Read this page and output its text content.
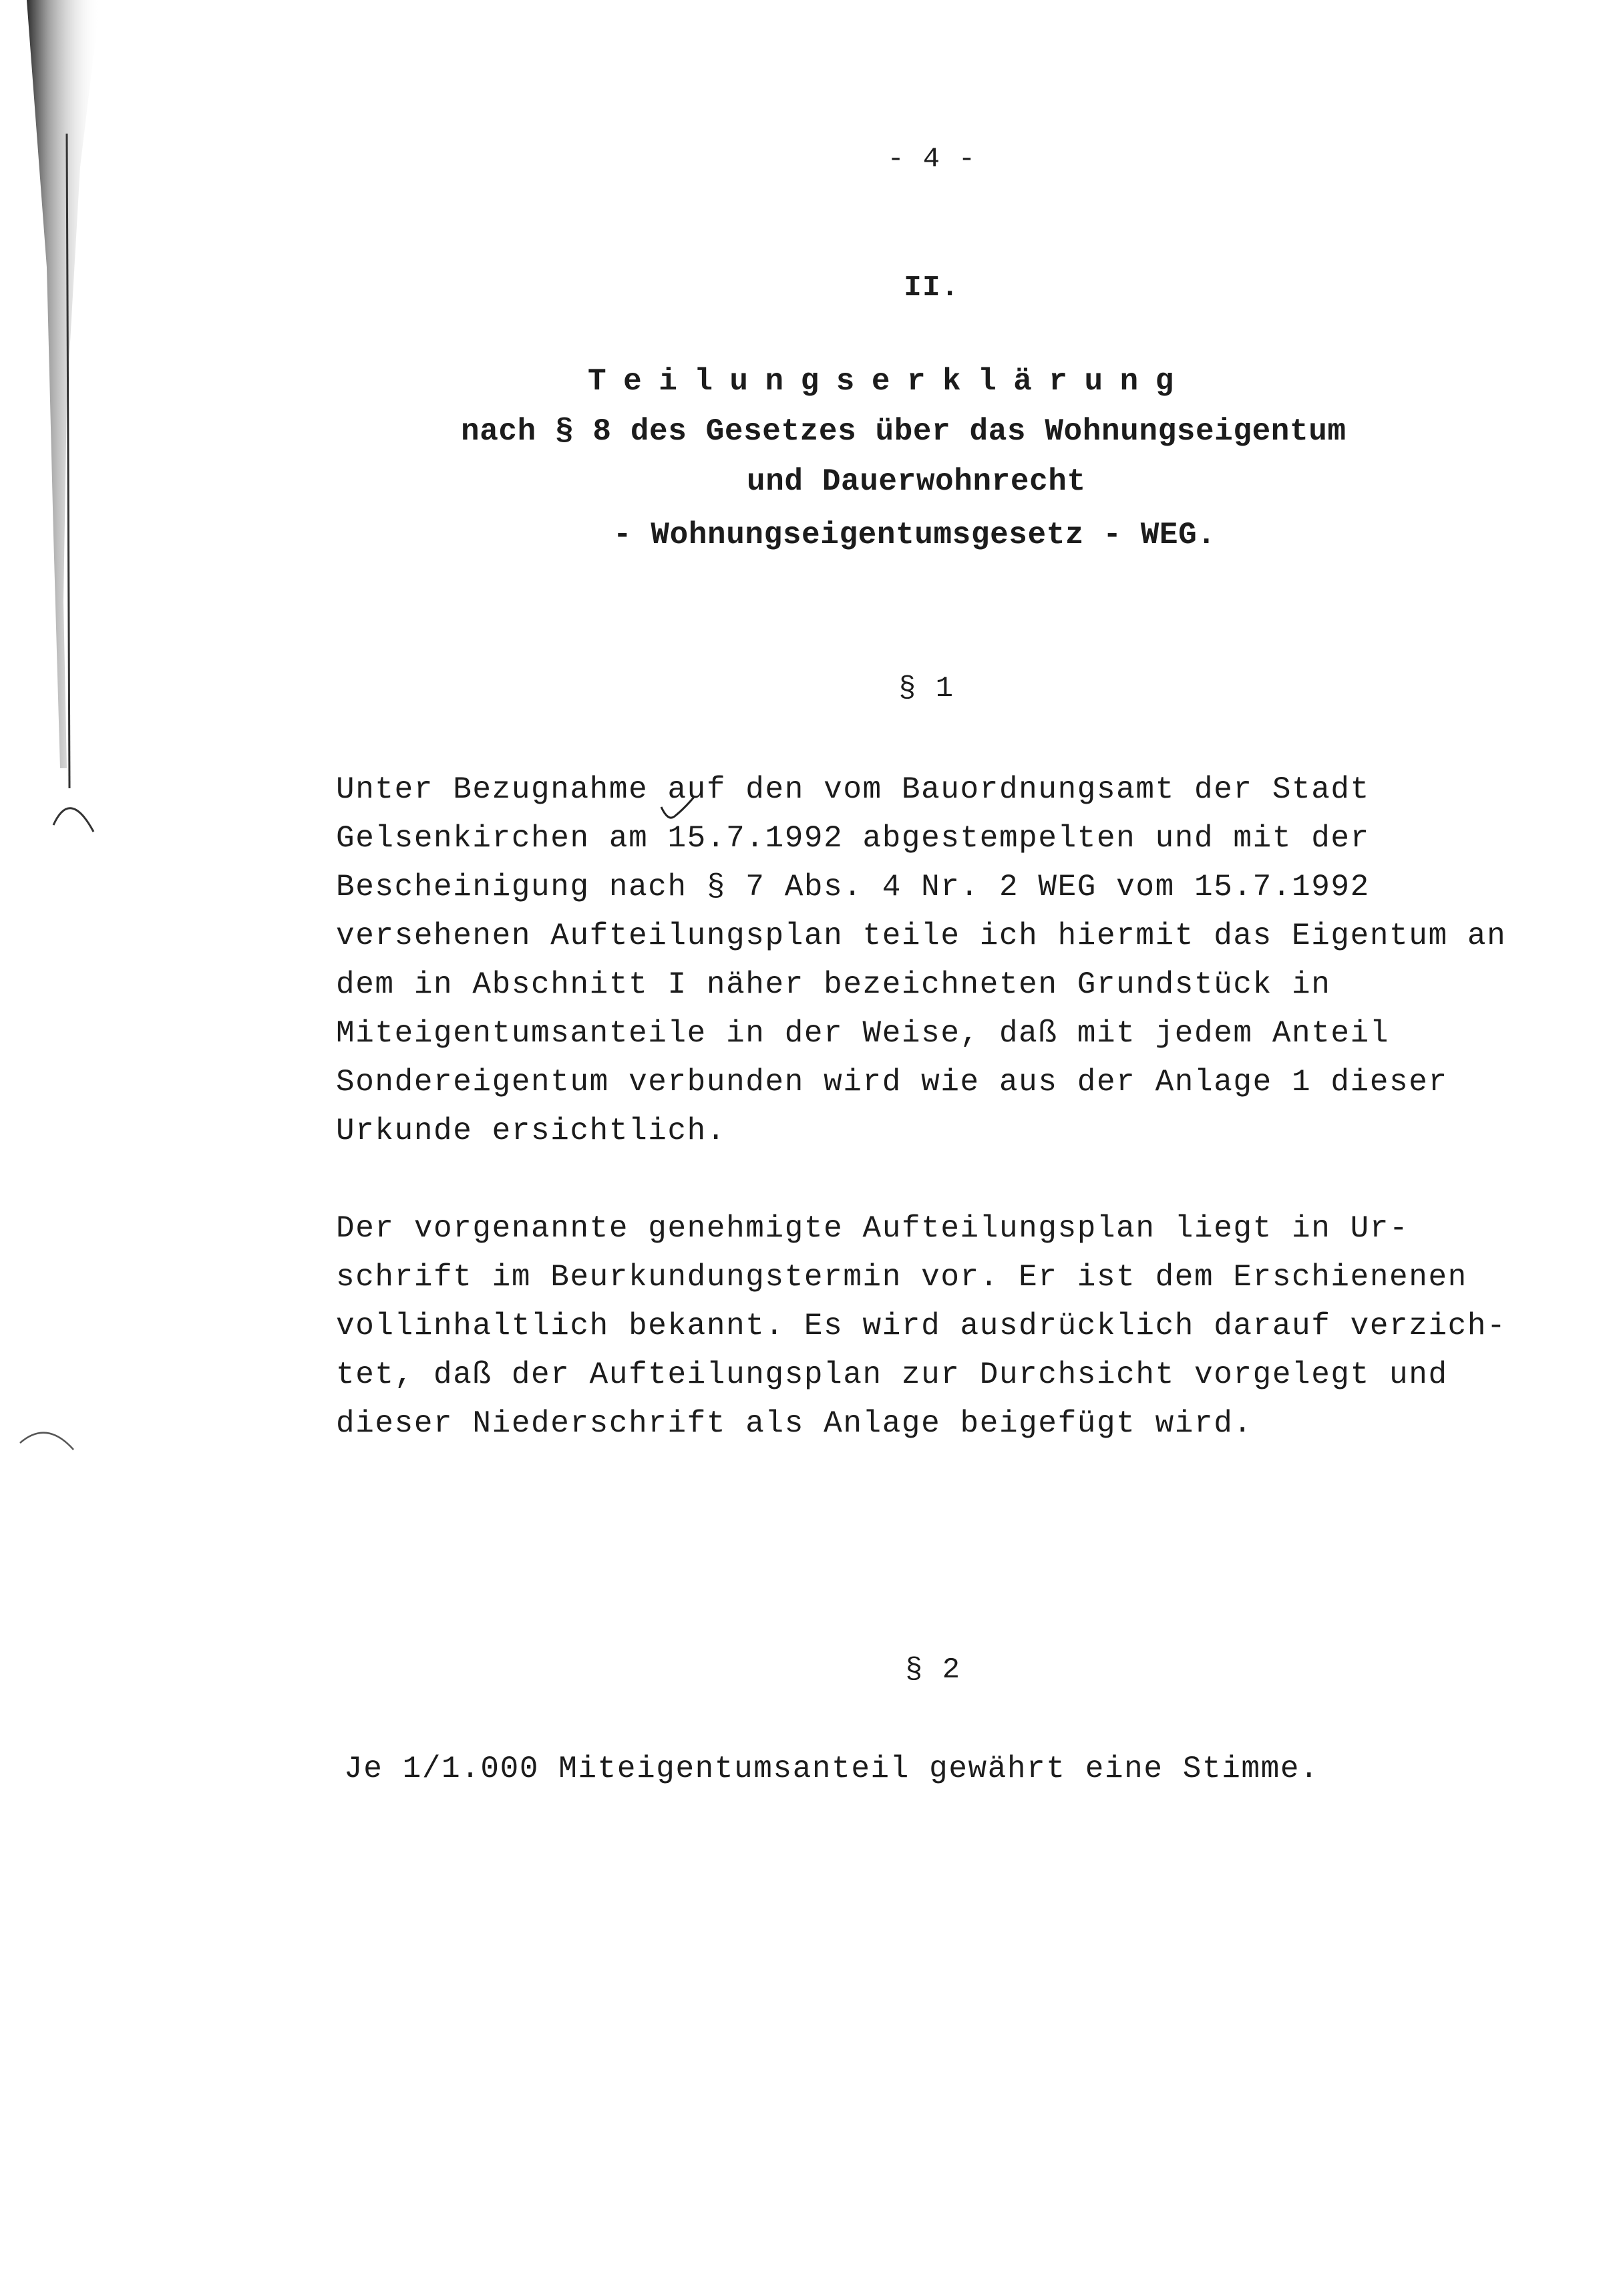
- 4 -
II.
Teilungserklärung
nach § 8 des Gesetzes über das Wohnungseigentum
und Dauerwohnrecht
- Wohnungseigentumsgesetz - WEG.
§ 1
Unter Bezugnahme auf den vom Bauordnungsamt der Stadt
Gelsenkirchen am 15.7.1992 abgestempelten und mit der
Bescheinigung nach § 7 Abs. 4 Nr. 2 WEG vom 15.7.1992
versehenen Aufteilungsplan teile ich hiermit das Eigentum an
dem in Abschnitt I näher bezeichneten Grundstück in
Miteigentumsanteile in der Weise, daß mit jedem Anteil
Sondereigentum verbunden wird wie aus der Anlage 1 dieser
Urkunde ersichtlich.
Der vorgenannte genehmigte Aufteilungsplan liegt in Ur-
schrift im Beurkundungstermin vor. Er ist dem Erschienenen
vollinhaltlich bekannt. Es wird ausdrücklich darauf verzich-
tet, daß der Aufteilungsplan zur Durchsicht vorgelegt und
dieser Niederschrift als Anlage beigefügt wird.
§ 2
Je 1/1.000 Miteigentumsanteil gewährt eine Stimme.
